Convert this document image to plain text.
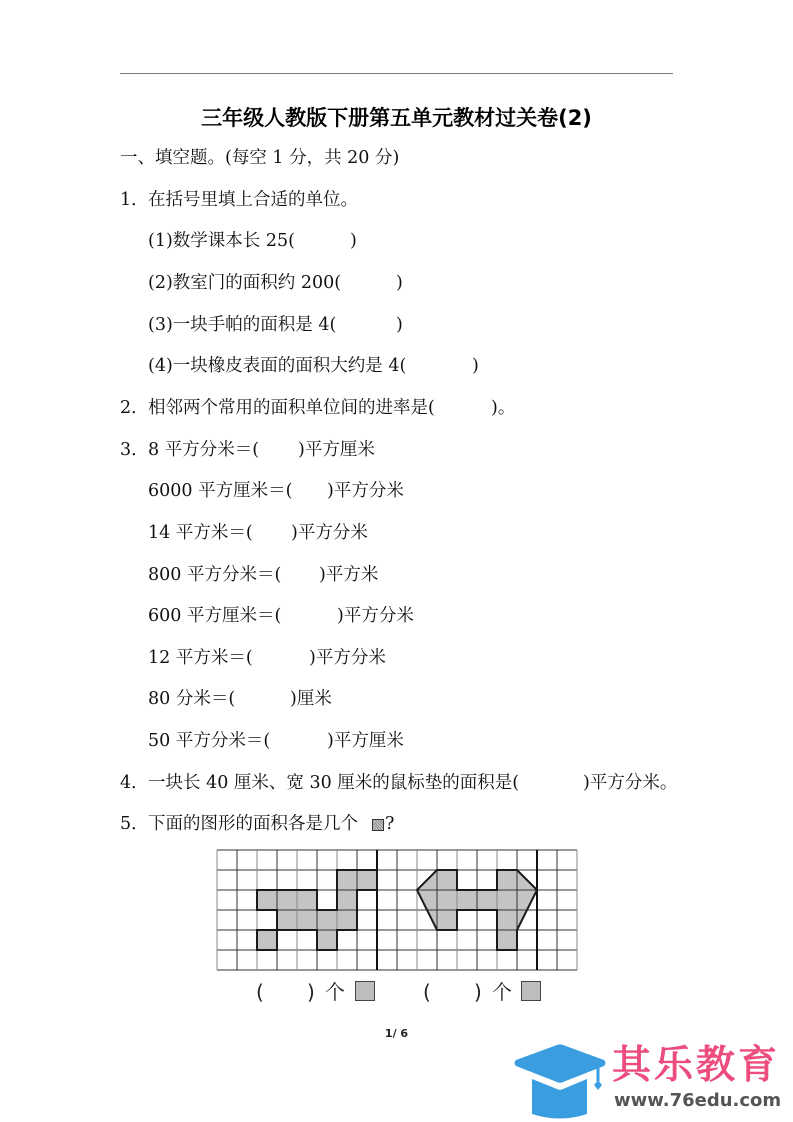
三年级人教版下册第五单元教材过关卷(2)
一、填空题。(每空 1 分，共 20 分)
1． 在括号里填上合适的单位。
(1)数学课本长 25(	)
(2)教室门的面积约 200(	)
(3)一块手帕的面积是 4(	)
(4)一块橡皮表面的面积大约是 4(	)
2． 相邻两个常用的面积单位间的进率是(	)。
3． 8 平方分米＝( )平方厘米
6000 平方厘米＝( )平方分米
14 平方米＝( )平方分米
800 平方分米＝( )平方米
600 平方厘米＝(	)平方分米
12 平方米＝(	)平方分米
80 分米＝(	)厘米
50 平方分米＝(	)平方厘米
4． 一块长 40 厘米、宽 30 厘米的鼠标垫的面积是(	)平方分米。
5． 下面的图形的面积各是几个 ?
( ) 个	( ) 个
1/ 6
其乐教育
www.76edu.com
